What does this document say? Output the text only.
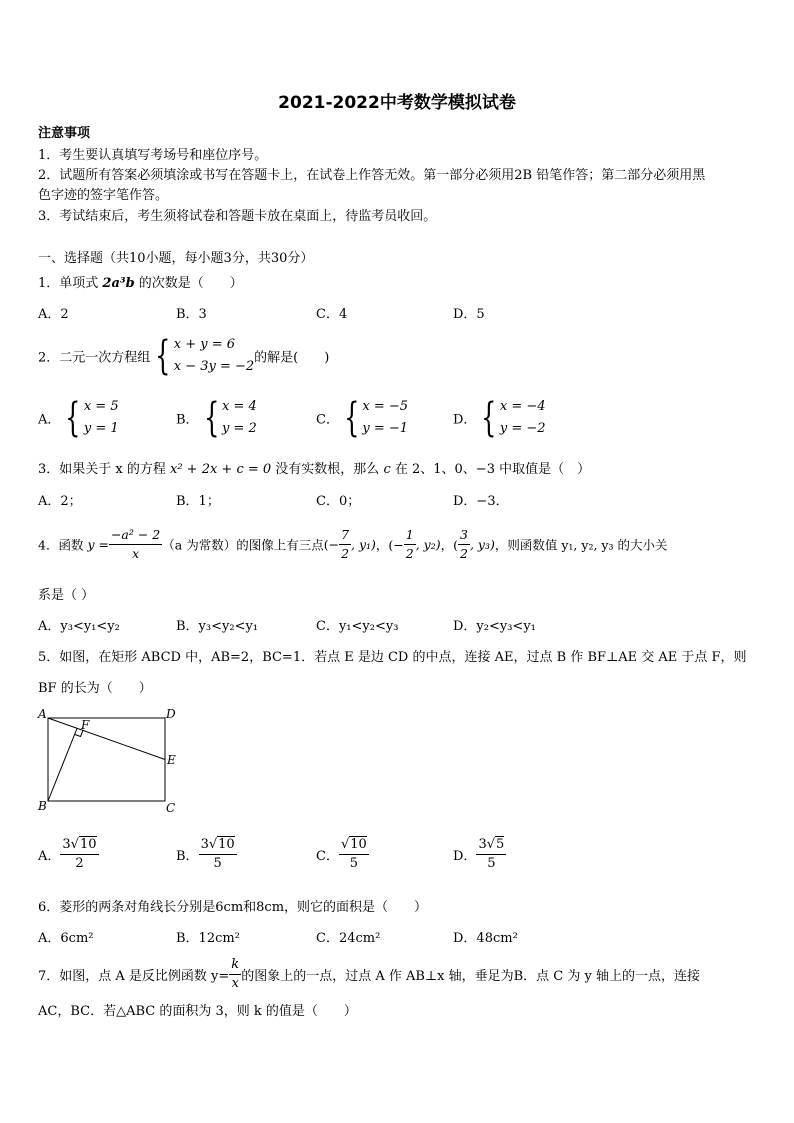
2021-2022中考数学模拟试卷
注意事项
1．考生要认真填写考场号和座位序号。
2．试题所有答案必须填涂或书写在答题卡上，在试卷上作答无效。第一部分必须用2B 铅笔作答；第二部分必须用黑
色字迹的签字笔作答。
3．考试结束后，考生须将试卷和答题卡放在桌面上，待监考员收回。
一、选择题（共10小题，每小题3分，共30分）
1．单项式 2a³b 的次数是（　　）
A．2	B．3	C．4	D．5
2．二元一次方程组 { x + y = 6
x − 3y = −2
的解是(　　)
A． { x = 5
y = 1
B． { x = 4
y = 2
C． { x = −5
y = −1
D． { x = −4
y = −2
3．如果关于 x 的方程 x² + 2x + c = 0 没有实数根，那么 c 在 2、1、0、−3 中取值是（　）
A．2；	B．1；	C．0；	D．−3．
4．函数 $y = \frac{\text{−a² − 2}}{x} (a$ 为常数）的图像上有三点(− $\frac{7}{2}$ , y₁)，(− $\frac{1}{2}$ , y₂)，( $\frac{3}{2}$ , y₃)，则函数值 y₁, y₂, y₃ 的大小关
系是（ ）
A．y₃<y₁<y₂	B．y₃<y₂<y₁	C．y₁<y₂<y₃	D．y₂<y₃<y₁
5．如图，在矩形 ABCD 中，AB=2，BC=1．若点 E 是边 CD 的中点，连接 AE，过点 B 作 BF⊥AE 交 AE 于点 F，则
BF 的长为（　　）
A
B	C
D
E
F
A． $\frac{3√10}{2}$	B． $\frac{3√10}{5}$	C． $\frac{√10}{5}$	D． $\frac{3√5}{5}$
6．菱形的两条对角线长分别是6cm和8cm，则它的面积是（　　）
A．6cm²	B．12cm²	C．24cm²	D．48cm²
7．如图，点 A 是反比例函数 $y= \frac{k}{x}$ 的图象上的一点，过点 A 作 AB⊥x 轴，垂足为B．点 C 为 y 轴上的一点，连接
AC，BC．若△ABC 的面积为 3，则 k 的值是（　　）
